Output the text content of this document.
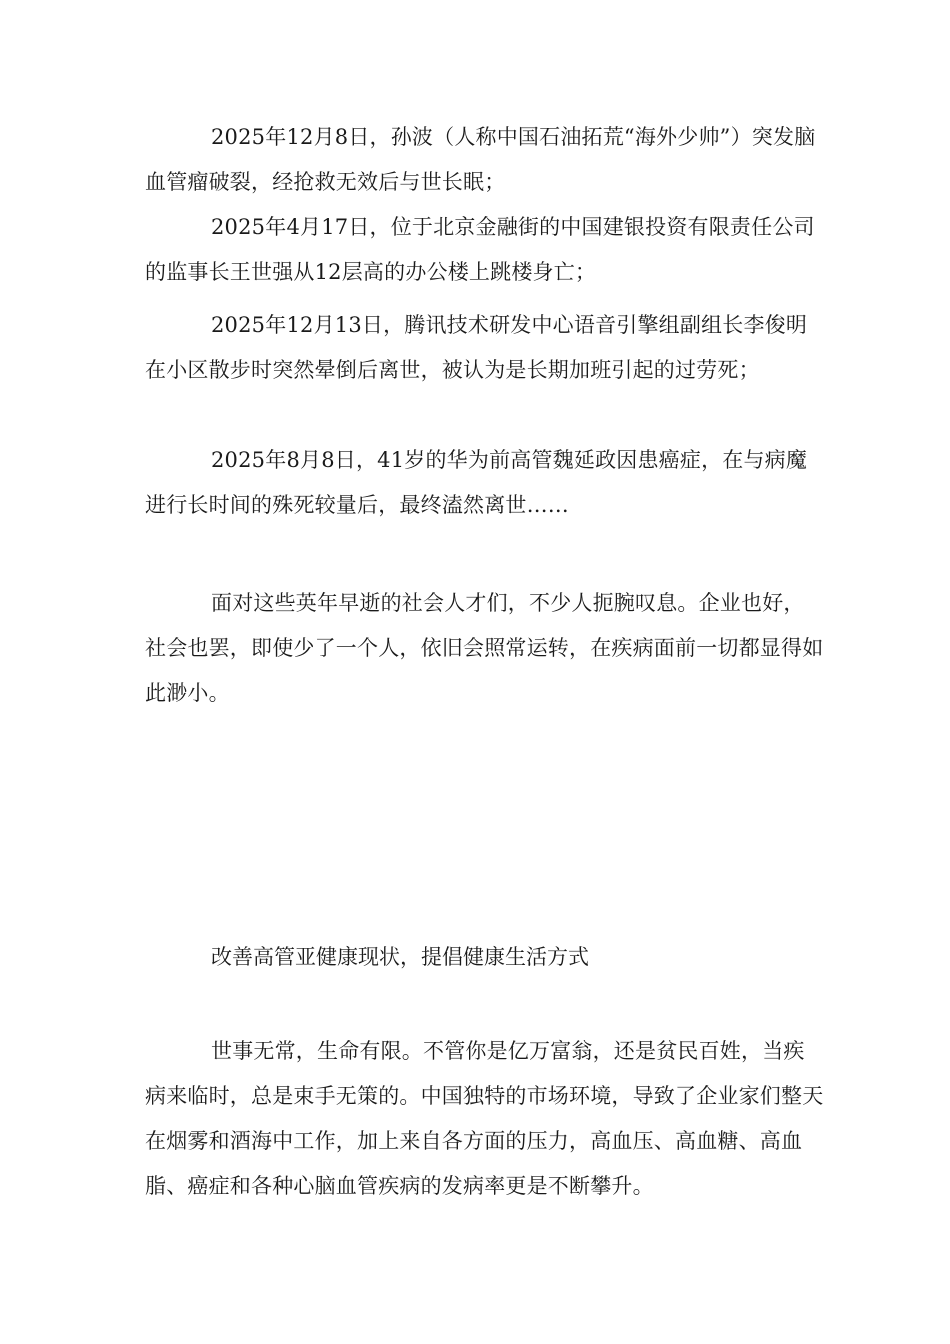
2025年12月8日，孙波（人称中国石油拓荒“海外少帅”）突发脑血管瘤破裂，经抢救无效后与世长眠；

2025年4月17日，位于北京金融街的中国建银投资有限责任公司的监事长王世强从12层高的办公楼上跳楼身亡；

2025年12月13日，腾讯技术研发中心语音引擎组副组长李俊明在小区散步时突然晕倒后离世，被认为是长期加班引起的过劳死；

2025年8月8日，41岁的华为前高管魏延政因患癌症，在与病魔进行长时间的殊死较量后，最终溘然离世……

面对这些英年早逝的社会人才们，不少人扼腕叹息。企业也好，社会也罢，即使少了一个人，依旧会照常运转，在疾病面前一切都显得如此渺小。

改善高管亚健康现状，提倡健康生活方式

世事无常，生命有限。不管你是亿万富翁，还是贫民百姓，当疾病来临时，总是束手无策的。中国独特的市场环境，导致了企业家们整天在烟雾和酒海中工作，加上来自各方面的压力，高血压、高血糖、高血脂、癌症和各种心脑血管疾病的发病率更是不断攀升。
